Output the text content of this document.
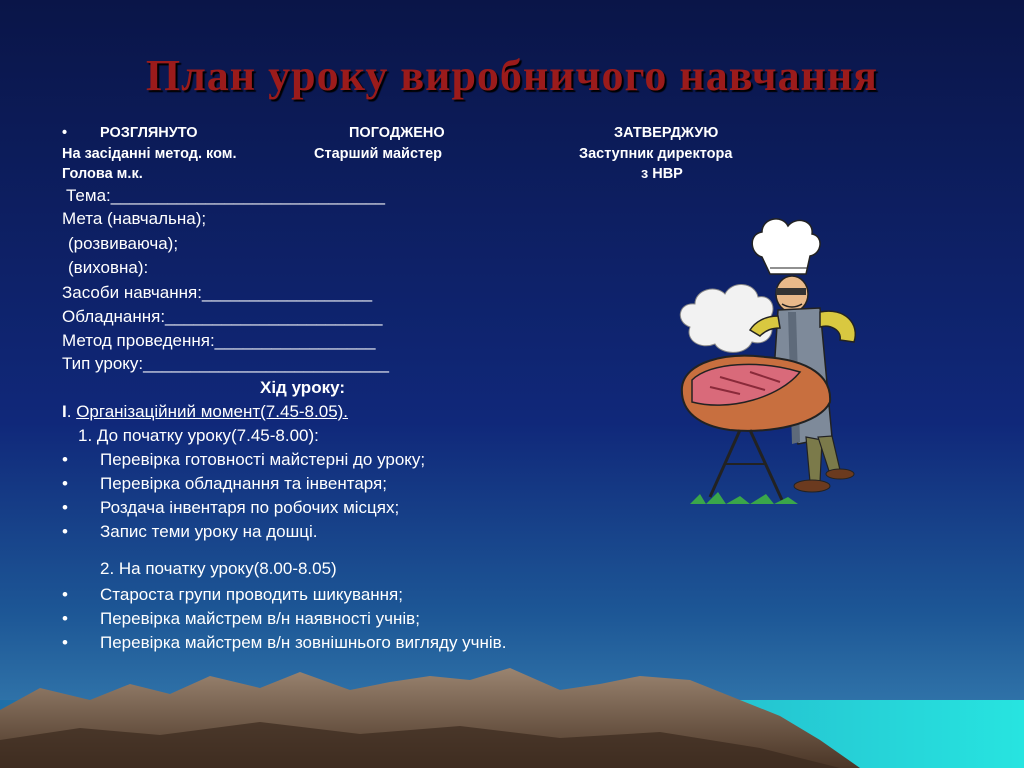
План уроку виробничого навчання
• РОЗГЛЯНУТО
На засіданні метод. ком.
Голова м.к.
ПОГОДЖЕНО
Старший майстер
ЗАТВЕРДЖУЮ
Заступник директора
з НВР
Тема:_____________________________
Мета (навчальна);
(розвиваюча);
(виховна):
Засоби навчання:__________________
Обладнання:_______________________
Метод проведення:_________________
Тип уроку:__________________________
Хід уроку:
І. Організаційний момент(7.45-8.05).
1. До початку уроку(7.45-8.00):
• Перевірка готовності майстерні до уроку;
• Перевірка обладнання та інвентаря;
• Роздача інвентаря по робочих місцях;
• Запис теми уроку на дошці.
2. На початку уроку(8.00-8.05)
• Староста групи проводить шикування;
• Перевірка майстрем в/н наявності учнів;
• Перевірка майстрем в/н зовнішнього вигляду учнів.
